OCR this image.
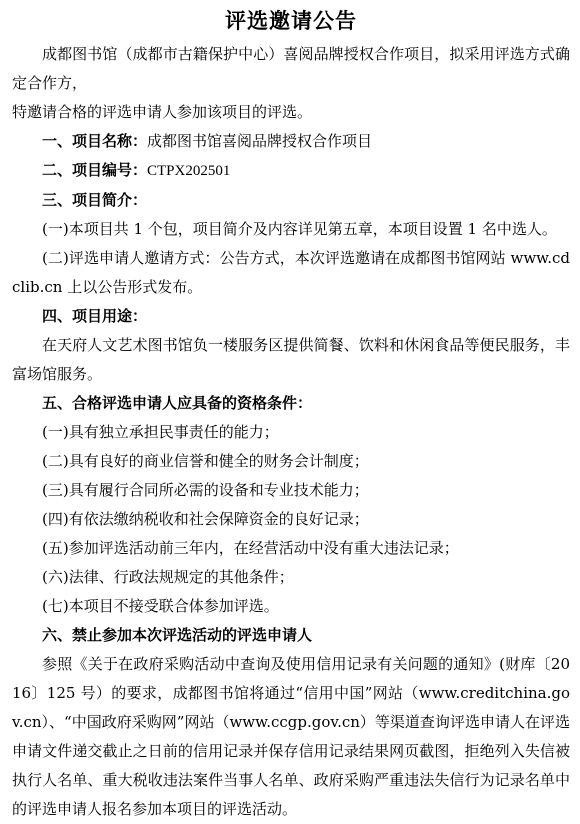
评选邀请公告

成都图书馆（成都市古籍保护中心）喜阅品牌授权合作项目，拟采用评选方式确定合作方，

特邀请合格的评选申请人参加该项目的评选。

一、项目名称：成都图书馆喜阅品牌授权合作项目

二、项目编号：CTPX202501

三、项目简介：

(一)本项目共 1 个包，项目简介及内容详见第五章，本项目设置 1 名中选人。

(二)评选申请人邀请方式：公告方式，本次评选邀请在成都图书馆网站 www.cdclib.cn 上以公告形式发布。

四、项目用途：

在天府人文艺术图书馆负一楼服务区提供简餐、饮料和休闲食品等便民服务，丰富场馆服务。

五、合格评选申请人应具备的资格条件：

(一)具有独立承担民事责任的能力；

(二)具有良好的商业信誉和健全的财务会计制度；

(三)具有履行合同所必需的设备和专业技术能力；

(四)有依法缴纳税收和社会保障资金的良好记录；

(五)参加评选活动前三年内，在经营活动中没有重大违法记录；

(六)法律、行政法规规定的其他条件；

(七)本项目不接受联合体参加评选。

六、禁止参加本次评选活动的评选申请人

参照《关于在政府采购活动中查询及使用信用记录有关问题的通知》(财库〔2016〕125 号）的要求，成都图书馆将通过“信用中国”网站（www.creditchina.gov.cn）、“中国政府采购网”网站（www.ccgp.gov.cn）等渠道查询评选申请人在评选申请文件递交截止之日前的信用记录并保存信用记录结果网页截图，拒绝列入失信被执行人名单、重大税收违法案件当事人名单、政府采购严重违法失信行为记录名单中的评选申请人报名参加本项目的评选活动。
